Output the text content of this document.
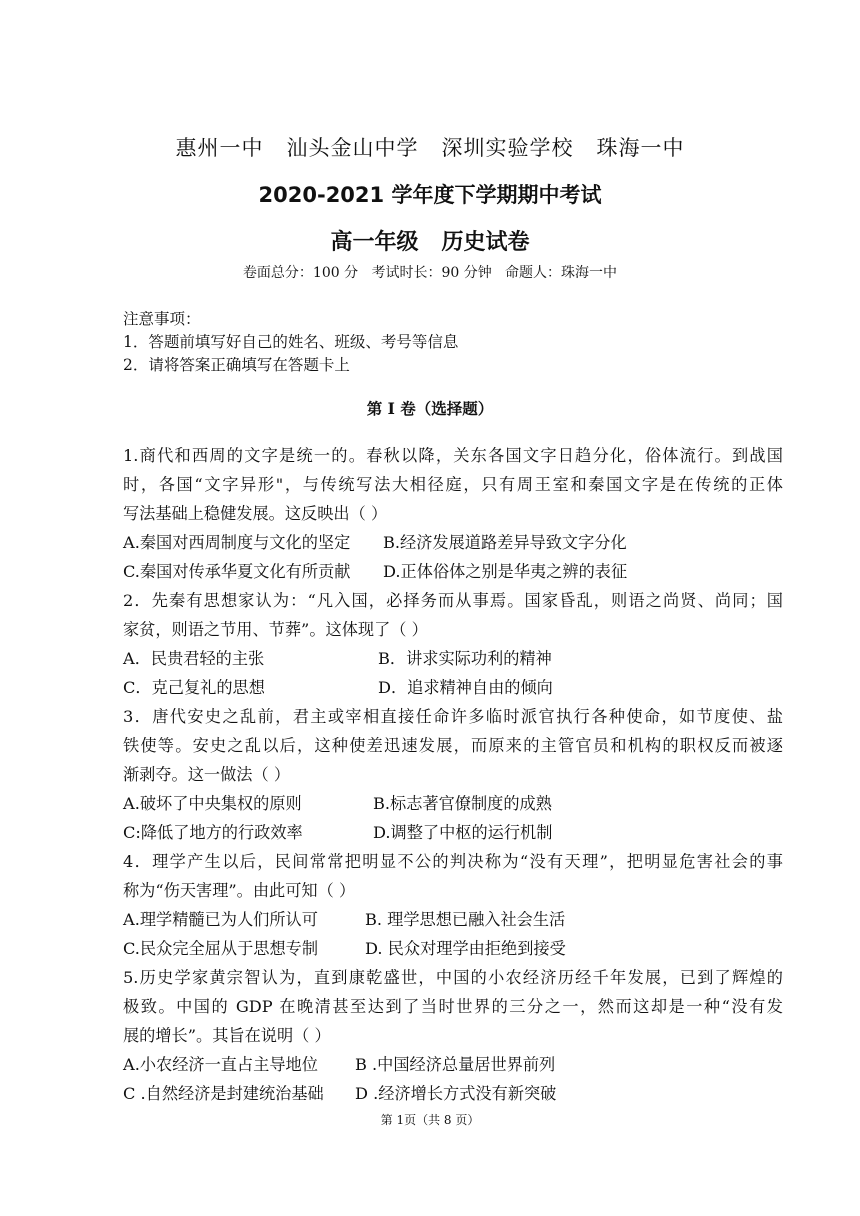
惠州一中   汕头金山中学   深圳实验学校   珠海一中
2020-2021 学年度下学期期中考试
高一年级   历史试卷
卷面总分：100 分   考试时长：90 分钟   命题人：珠海一中
注意事项：
1．答题前填写好自己的姓名、班级、考号等信息
2．请将答案正确填写在答题卡上
第 I 卷（选择题）
1.商代和西周的文字是统一的。春秋以降，关东各国文字日趋分化，俗体流行。到战国
时，各国“文字异形"，与传统写法大相径庭，只有周王室和秦国文字是在传统的正体
写法基础上稳健发展。这反映出（ ）
A.秦国对西周制度与文化的坚定	B.经济发展道路差异导致文字分化
C.秦国对传承华夏文化有所贡献	D.正体俗体之别是华夷之辨的表征
2．先秦有思想家认为：“凡入国，必择务而从事焉。国家昏乱，则语之尚贤、尚同；国
家贫，则语之节用、节葬”。这体现了（ ）
A．民贵君轻的主张	B．讲求实际功利的精神
C．克己复礼的思想	D．追求精神自由的倾向
3．唐代安史之乱前，君主或宰相直接任命许多临时派官执行各种使命，如节度使、盐
铁使等。安史之乱以后，这种使差迅速发展，而原来的主管官员和机构的职权反而被逐
渐剥夺。这一做法（ ）
A.破坏了中央集权的原则	B.标志著官僚制度的成熟
C:降低了地方的行政效率	D.调整了中枢的运行机制
4．理学产生以后，民间常常把明显不公的判决称为“没有天理”，把明显危害社会的事
称为“伤天害理”。由此可知（ ）
A.理学精髓已为人们所认可	B. 理学思想已融入社会生活
C.民众完全屈从于思想专制	D. 民众对理学由拒绝到接受
5.历史学家黄宗智认为，直到康乾盛世，中国的小农经济历经千年发展，已到了辉煌的
极致。中国的 GDP 在晚清甚至达到了当时世界的三分之一，然而这却是一种“没有发
展的增长”。其旨在说明（ ）
A.小农经济一直占主导地位	B .中国经济总量居世界前列
C .自然经济是封建统治基础	D .经济增长方式没有新突破
第 1页（共 8 页）
